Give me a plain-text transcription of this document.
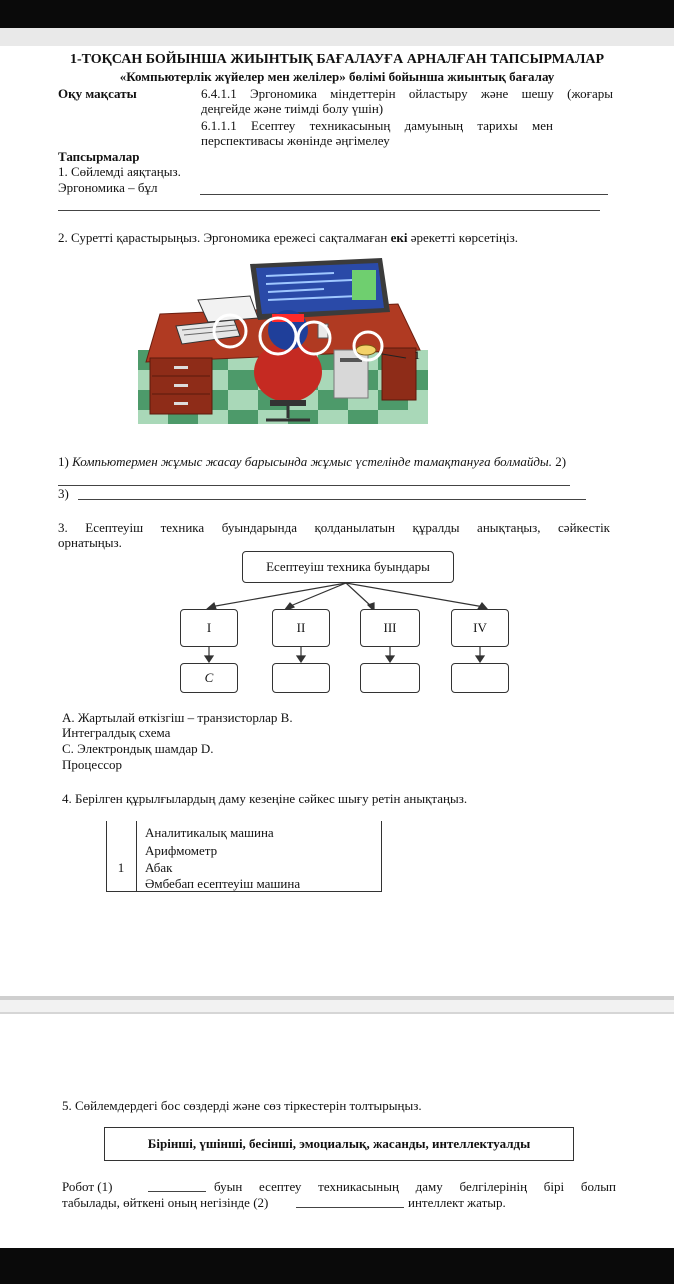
1-ТОҚСАН БОЙЫНША ЖИЫНТЫҚ БАҒАЛАУҒА АРНАЛҒАН ТАПСЫРМАЛАР
«Компьютерлік жүйелер мен желілер» бөлімі бойынша жиынтық бағалау
Оқу мақсаты	6.4.1.1 Эргономика міндеттерін ойластыру және шешу (жоғары
деңгейде және тиімді болу үшін)
6.1.1.1 Есептеу техникасының дамуының тарихы мен
перспективасы жөнінде әңгімелеу
Тапсырмалар
1. Сөйлемді аяқтаңыз.
Эргономика – бұл
2. Суретті қарастырыңыз. Эргономика ережесі сақталмаған екі әрекетті көрсетіңіз.
1
1) Компьютермен жұмыс жасау барысында жұмыс үстелінде тамақтануға болмайды. 2)
3)
3. Есептеуіш техника буындарында қолданылатын құралды анықтаңыз, сәйкестік
орнатыңыз.
Есептеуіш техника буындары
I	II	III	IV
C
А. Жартылай өткізгіш – транзисторлар B.
Интегралдық схема
С. Электрондық шамдар D.
Процессор
4. Берілген құрылғылардың даму кезеңіне сәйкес шығу ретін анықтаңыз.
Аналитикалық машина
Арифмометр
1	Абак
Әмбебап есептеуіш машина
5. Сөйлемдердегі бос сөздерді және сөз тіркестерін толтырыңыз.
Бірінші, үшінші, бесінші, эмоциалық, жасанды, интеллектуалды
Робот (1)	буын есептеу техникасының даму белгілерінің бірі болып
табылады, өйткені оның негізінде (2)	интеллект жатыр.
